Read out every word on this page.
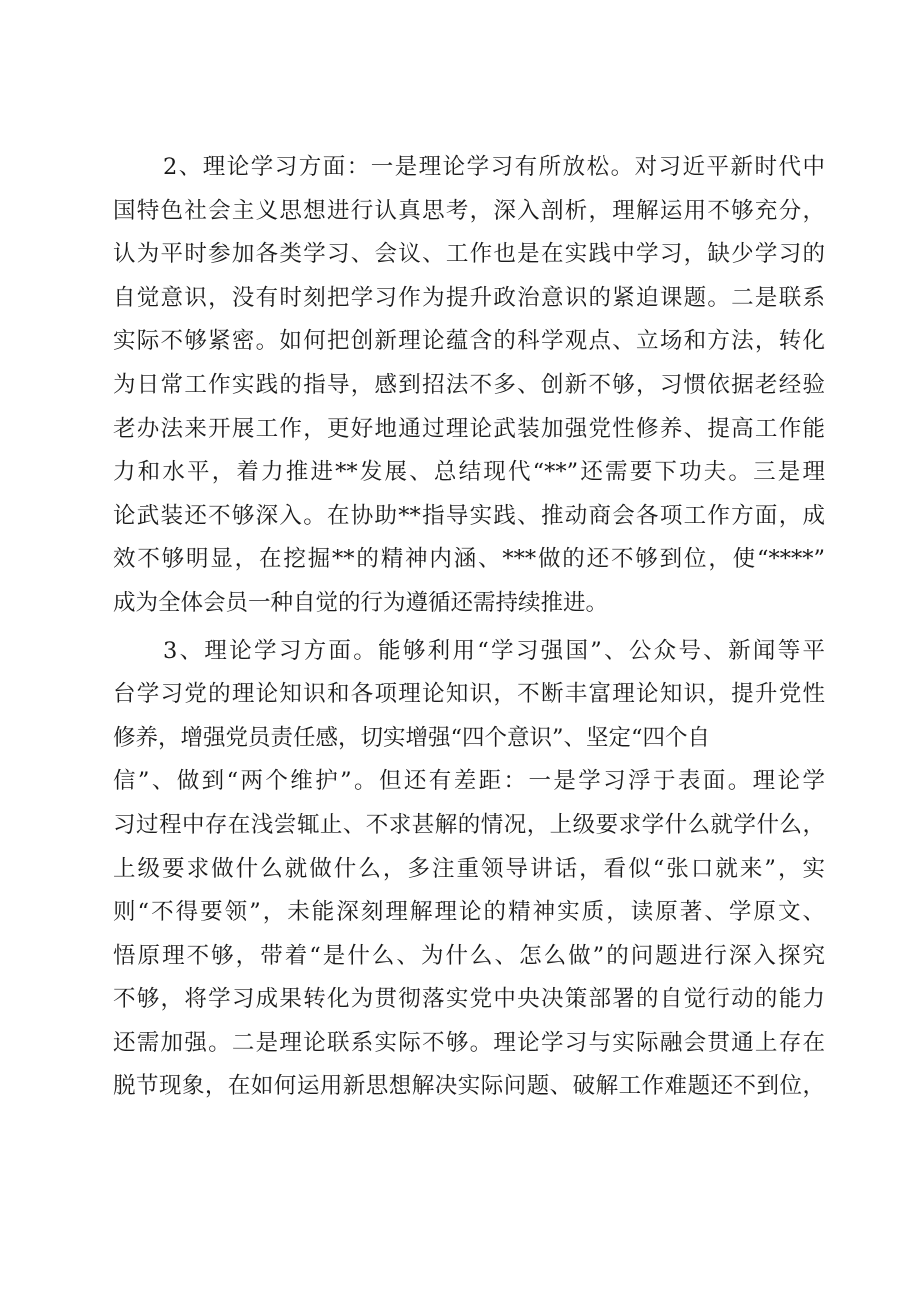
2、理论学习方面：一是理论学习有所放松。对习近平新时代中
国特色社会主义思想进行认真思考，深入剖析，理解运用不够充分，
认为平时参加各类学习、会议、工作也是在实践中学习，缺少学习的
自觉意识，没有时刻把学习作为提升政治意识的紧迫课题。二是联系
实际不够紧密。如何把创新理论蕴含的科学观点、立场和方法，转化
为日常工作实践的指导，感到招法不多、创新不够，习惯依据老经验
老办法来开展工作，更好地通过理论武装加强党性修养、提高工作能
力和水平，着力推进**发展、总结现代“**”还需要下功夫。三是理
论武装还不够深入。在协助**指导实践、推动商会各项工作方面，成
效不够明显，在挖掘**的精神内涵、***做的还不够到位，使“****”
成为全体会员一种自觉的行为遵循还需持续推进。
3、理论学习方面。能够利用“学习强国”、公众号、新闻等平
台学习党的理论知识和各项理论知识，不断丰富理论知识，提升党性
修养，增强党员责任感，切实增强“四个意识”、坚定“四个自
信”、做到“两个维护”。但还有差距：一是学习浮于表面。理论学
习过程中存在浅尝辄止、不求甚解的情况，上级要求学什么就学什么，
上级要求做什么就做什么，多注重领导讲话，看似“张口就来”，实
则“不得要领”，未能深刻理解理论的精神实质，读原著、学原文、
悟原理不够，带着“是什么、为什么、怎么做”的问题进行深入探究
不够，将学习成果转化为贯彻落实党中央决策部署的自觉行动的能力
还需加强。二是理论联系实际不够。理论学习与实际融会贯通上存在
脱节现象，在如何运用新思想解决实际问题、破解工作难题还不到位，
